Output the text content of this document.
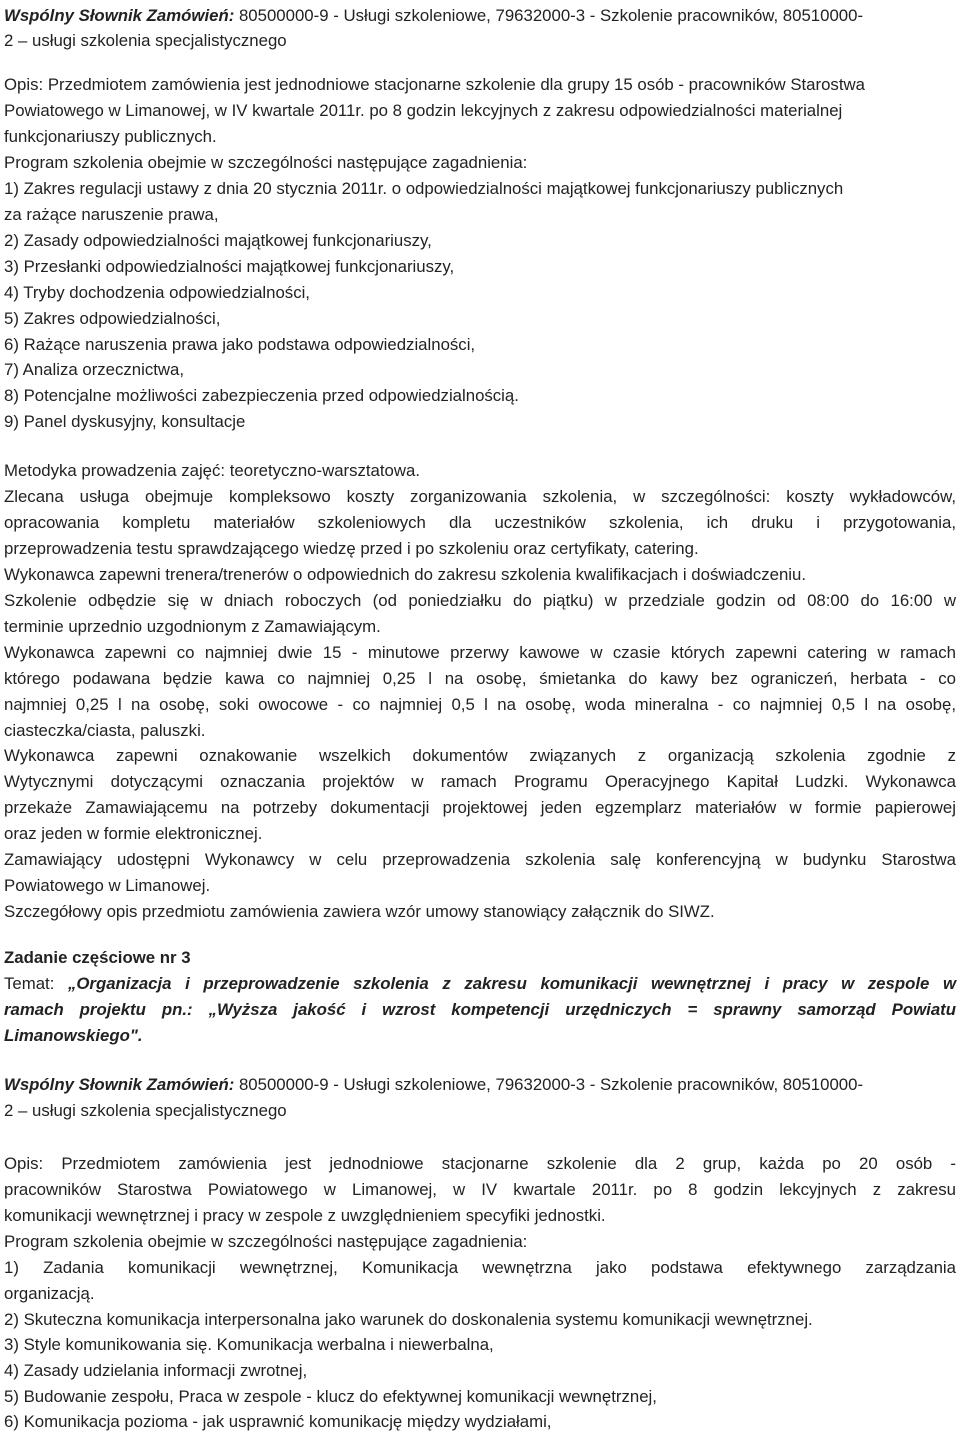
Wspólny Słownik Zamówień: 80500000-9 - Usługi szkoleniowe, 79632000-3 - Szkolenie pracowników, 80510000-
2 – usługi szkolenia specjalistycznego
Opis: Przedmiotem zamówienia jest jednodniowe stacjonarne szkolenie dla grupy 15 osób - pracowników Starostwa
Powiatowego w Limanowej, w IV kwartale 2011r. po 8 godzin lekcyjnych z zakresu odpowiedzialności materialnej
funkcjonariuszy publicznych.
Program szkolenia obejmie w szczególności następujące zagadnienia:
1) Zakres regulacji ustawy z dnia 20 stycznia 2011r. o odpowiedzialności majątkowej funkcjonariuszy publicznych
za rażące naruszenie prawa,
2) Zasady odpowiedzialności majątkowej funkcjonariuszy,
3) Przesłanki odpowiedzialności majątkowej funkcjonariuszy,
4) Tryby dochodzenia odpowiedzialności,
5) Zakres odpowiedzialności,
6) Rażące naruszenia prawa jako podstawa odpowiedzialności,
7) Analiza orzecznictwa,
8) Potencjalne możliwości zabezpieczenia przed odpowiedzialnością.
9) Panel dyskusyjny, konsultacje
Metodyka prowadzenia zajęć: teoretyczno-warsztatowa.
Zlecana usługa obejmuje kompleksowo koszty zorganizowania szkolenia, w szczególności: koszty wykładowców,
opracowania kompletu materiałów szkoleniowych dla uczestników szkolenia, ich druku i przygotowania,
przeprowadzenia testu sprawdzającego wiedzę przed i po szkoleniu oraz certyfikaty, catering.
Wykonawca zapewni trenera/trenerów o odpowiednich do zakresu szkolenia kwalifikacjach i doświadczeniu.
Szkolenie odbędzie się w dniach roboczych (od poniedziałku do piątku) w przedziale godzin od 08:00 do 16:00 w
terminie uprzednio uzgodnionym z Zamawiającym.
Wykonawca zapewni co najmniej dwie 15 - minutowe przerwy kawowe w czasie których zapewni catering w ramach
którego podawana będzie kawa co najmniej 0,25 l na osobę, śmietanka do kawy bez ograniczeń, herbata - co
najmniej 0,25 l na osobę, soki owocowe - co najmniej 0,5 l na osobę, woda mineralna - co najmniej 0,5 l na osobę,
ciasteczka/ciasta, paluszki.
Wykonawca zapewni oznakowanie wszelkich dokumentów związanych z organizacją szkolenia zgodnie z
Wytycznymi dotyczącymi oznaczania projektów w ramach Programu Operacyjnego Kapitał Ludzki. Wykonawca
przekaże Zamawiającemu na potrzeby dokumentacji projektowej jeden egzemplarz materiałów w formie papierowej
oraz jeden w formie elektronicznej.
Zamawiający udostępni Wykonawcy w celu przeprowadzenia szkolenia salę konferencyjną w budynku Starostwa
Powiatowego w Limanowej.
Szczegółowy opis przedmiotu zamówienia zawiera wzór umowy stanowiący załącznik do SIWZ.
Zadanie częściowe nr 3
Temat: „Organizacja i przeprowadzenie szkolenia z zakresu komunikacji wewnętrznej i pracy w zespole w
ramach projektu pn.: „Wyższa jakość i wzrost kompetencji urzędniczych = sprawny samorząd Powiatu
Limanowskiego".
Wspólny Słownik Zamówień: 80500000-9 - Usługi szkoleniowe, 79632000-3 - Szkolenie pracowników, 80510000-
2 – usługi szkolenia specjalistycznego
Opis: Przedmiotem zamówienia jest jednodniowe stacjonarne szkolenie dla 2 grup, każda po 20 osób -
pracowników Starostwa Powiatowego w Limanowej, w IV kwartale 2011r. po 8 godzin lekcyjnych z zakresu
komunikacji wewnętrznej i pracy w zespole z uwzględnieniem specyfiki jednostki.
Program szkolenia obejmie w szczególności następujące zagadnienia:
1) Zadania komunikacji wewnętrznej, Komunikacja wewnętrzna jako podstawa efektywnego zarządzania
organizacją.
2) Skuteczna komunikacja interpersonalna jako warunek do doskonalenia systemu komunikacji wewnętrznej.
3) Style komunikowania się. Komunikacja werbalna i niewerbalna,
4) Zasady udzielania informacji zwrotnej,
5) Budowanie zespołu, Praca w zespole - klucz do efektywnej komunikacji wewnętrznej,
6) Komunikacja pozioma - jak usprawnić komunikację między wydziałami,
